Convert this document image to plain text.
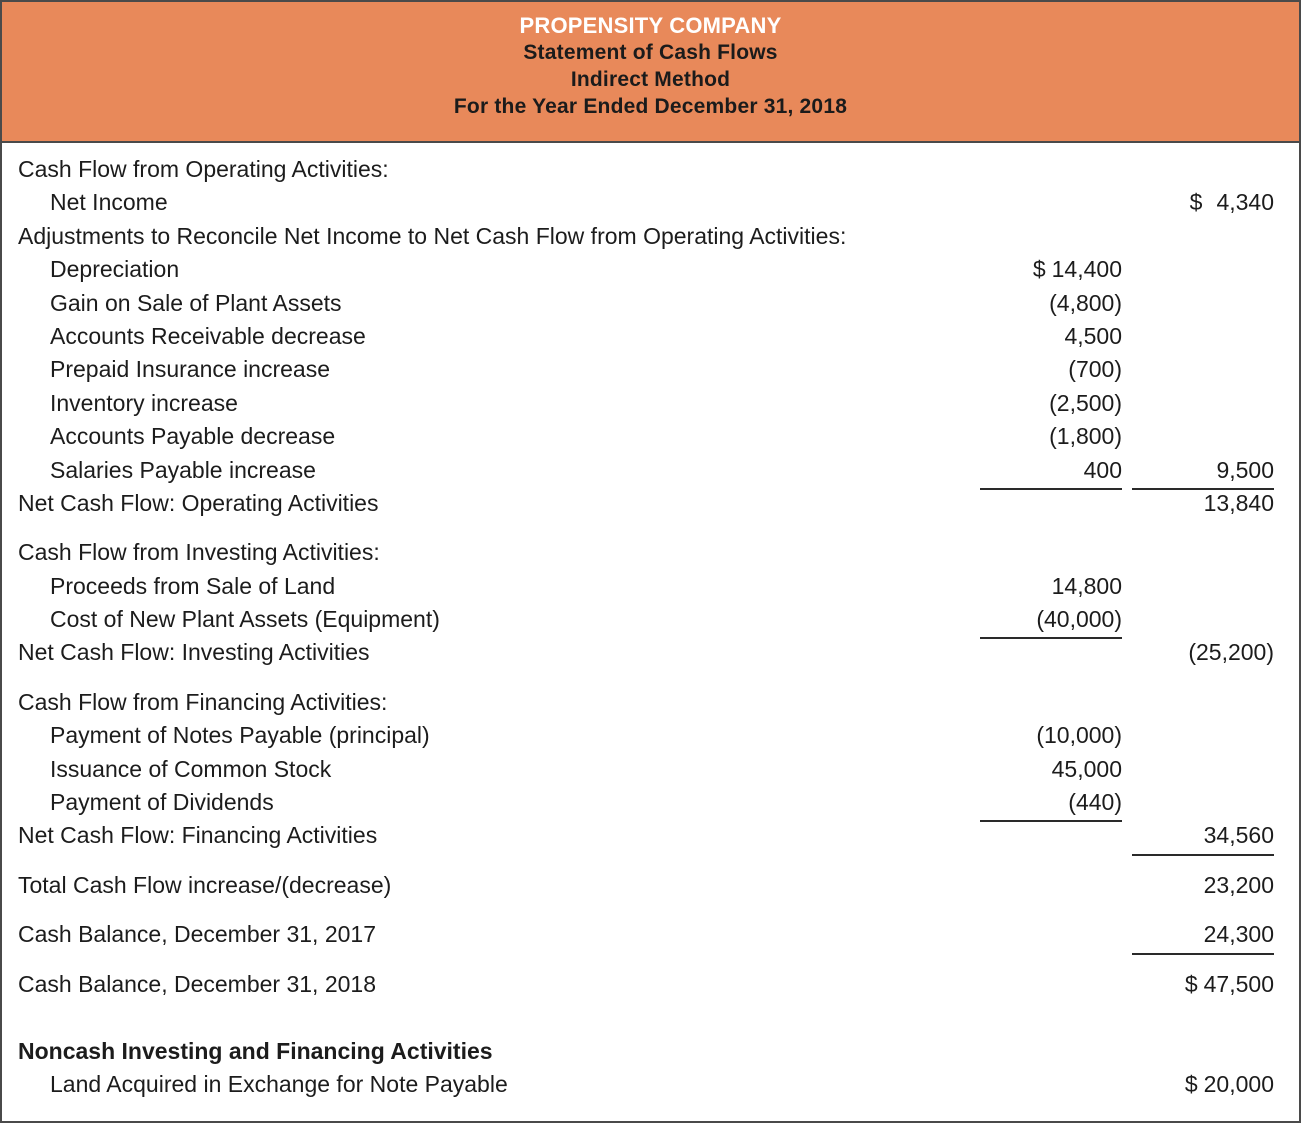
PROPENSITY COMPANY
Statement of Cash Flows
Indirect Method
For the Year Ended December 31, 2018
Cash Flow from Operating Activities:
Net Income	$ 4,340
Adjustments to Reconcile Net Income to Net Cash Flow from Operating Activities:
Depreciation	$ 14,400
Gain on Sale of Plant Assets	(4,800)
Accounts Receivable decrease	4,500
Prepaid Insurance increase	(700)
Inventory increase	(2,500)
Accounts Payable decrease	(1,800)
Salaries Payable increase	400	9,500
Net Cash Flow: Operating Activities	13,840
Cash Flow from Investing Activities:
Proceeds from Sale of Land	14,800
Cost of New Plant Assets (Equipment)	(40,000)
Net Cash Flow: Investing Activities	(25,200)
Cash Flow from Financing Activities:
Payment of Notes Payable (principal)	(10,000)
Issuance of Common Stock	45,000
Payment of Dividends	(440)
Net Cash Flow: Financing Activities	34,560
Total Cash Flow increase/(decrease)	23,200
Cash Balance, December 31, 2017	24,300
Cash Balance, December 31, 2018	$ 47,500
Noncash Investing and Financing Activities
Land Acquired in Exchange for Note Payable	$ 20,000
